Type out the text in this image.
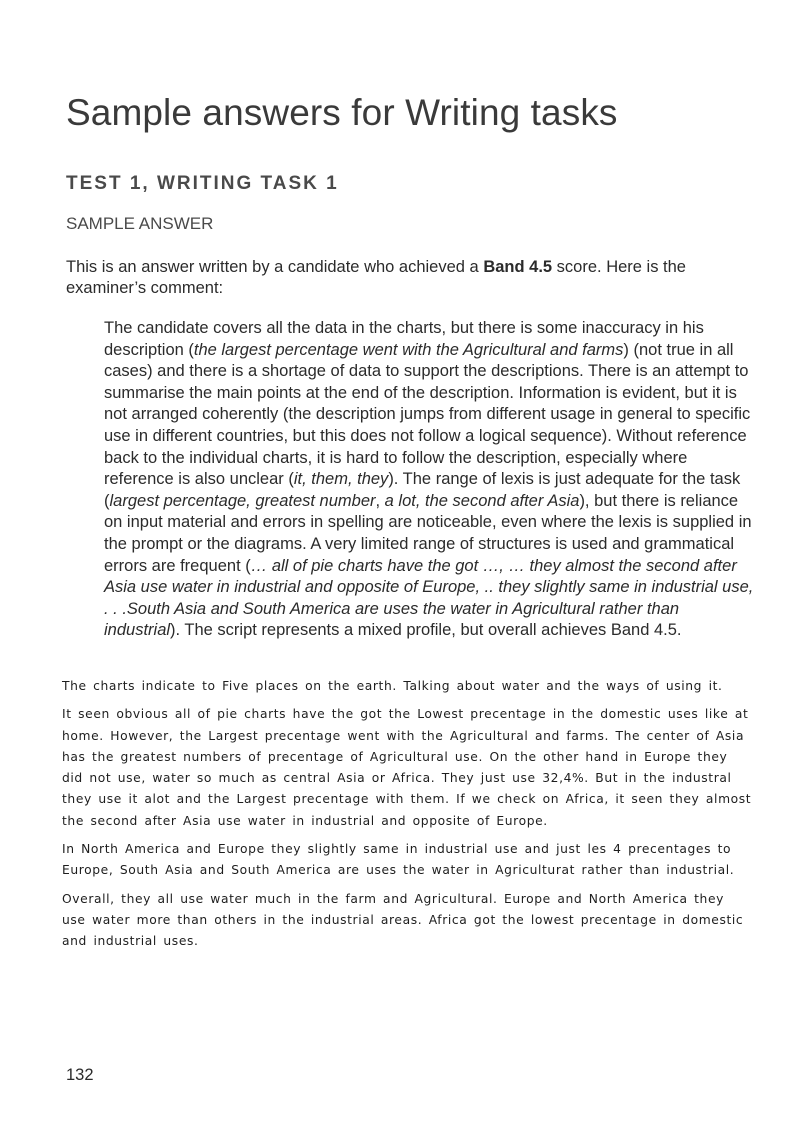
Sample answers for Writing tasks
TEST 1, WRITING TASK 1
SAMPLE ANSWER

This is an answer written by a candidate who achieved a Band 4.5 score. Here is the examiner’s comment:

The candidate covers all the data in the charts, but there is some inaccuracy in his description (the largest percentage went with the Agricultural and farms) (not true in all cases) and there is a shortage of data to support the descriptions. There is an attempt to summarise the main points at the end of the description. Information is evident, but it is not arranged coherently (the description jumps from different usage in general to specific use in different countries, but this does not follow a logical sequence). Without reference back to the individual charts, it is hard to follow the description, especially where reference is also unclear (it, them, they). The range of lexis is just adequate for the task (largest percentage, greatest number, a lot, the second after Asia), but there is reliance on input material and errors in spelling are noticeable, even where the lexis is supplied in the prompt or the diagrams. A very limited range of structures is used and grammatical errors are frequent (… all of pie charts have the got …, … they almost the second after Asia use water in industrial and opposite of Europe, .. they slightly same in industrial use, . . .South Asia and South America are uses the water in Agricultural rather than industrial). The script represents a mixed profile, but overall achieves Band 4.5.

The charts indicate to Five places on the earth. Talking about water and the ways of using it.

It seen obvious all of pie charts have the got the Lowest precentage in the domestic uses like at home. However, the Largest precentage went with the Agricultural and farms. The center of Asia has the greatest numbers of precentage of Agricultural use. On the other hand in Europe they did not use, water so much as central Asia or Africa. They just use 32,4%. But in the industral they use it alot and the Largest precentage with them. If we check on Africa, it seen they almost the second after Asia use water in industrial and opposite of Europe.

In North America and Europe they slightly same in industrial use and just les 4 precentages to Europe, South Asia and South America are uses the water in Agriculturat rather than industrial.

Overall, they all use water much in the farm and Agricultural. Europe and North America they use water more than others in the industrial areas. Africa got the lowest precentage in domestic and industrial uses.

132
